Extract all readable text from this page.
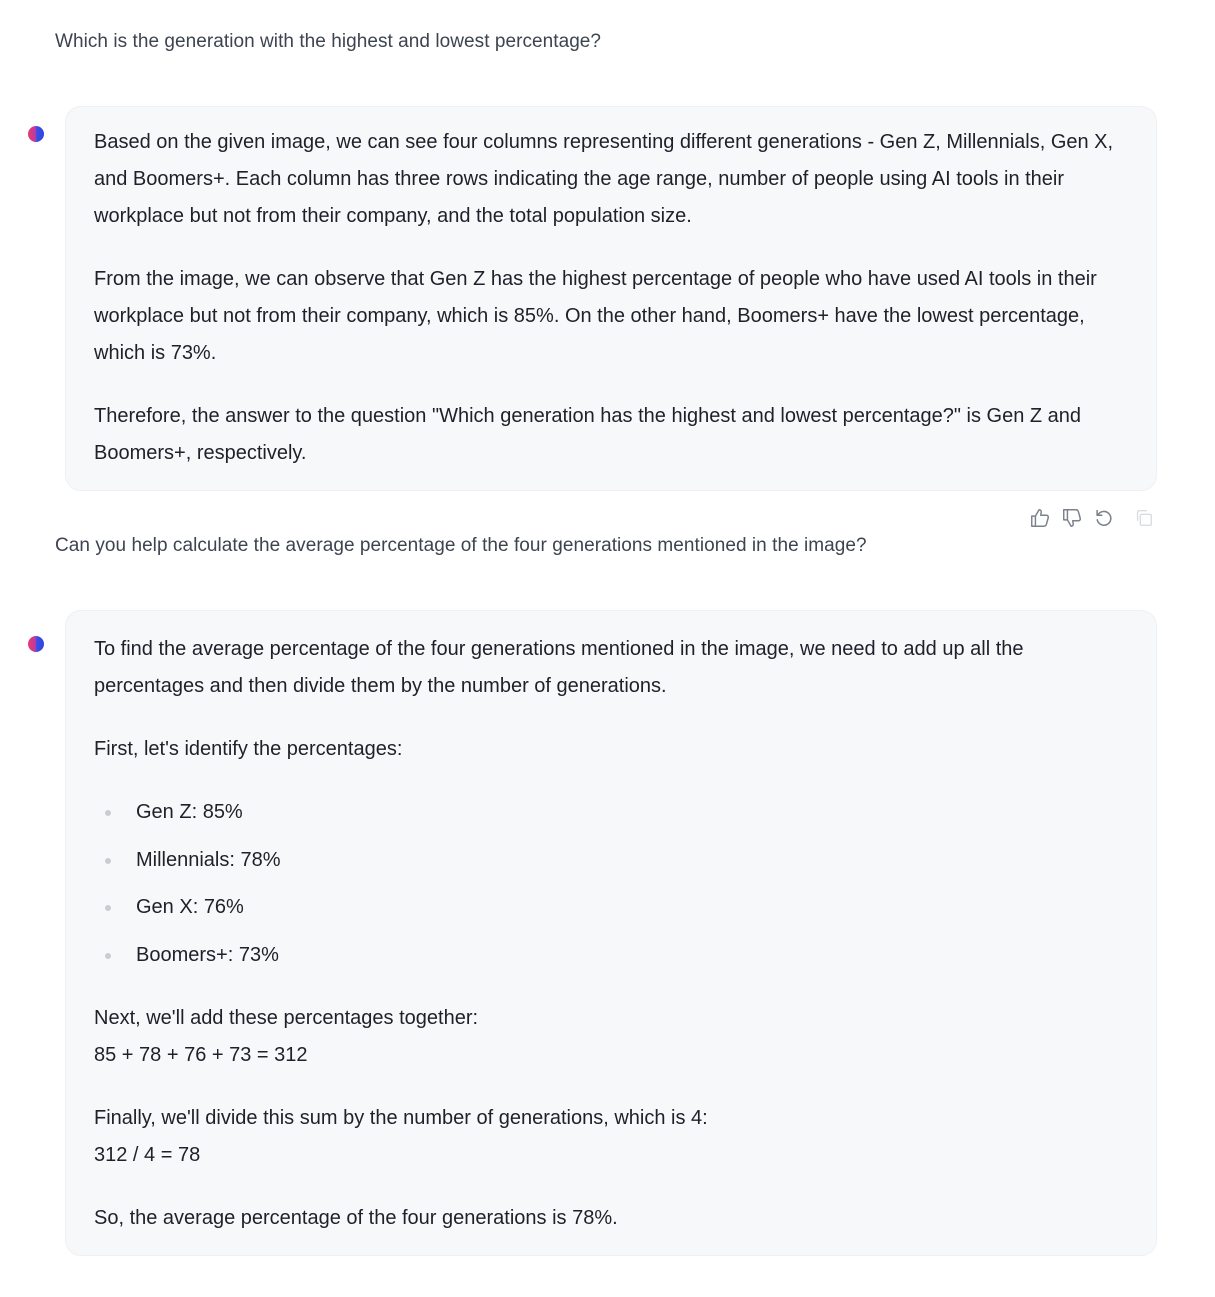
Which is the generation with the highest and lowest percentage?

Based on the given image, we can see four columns representing different generations - Gen Z, Millennials, Gen X, and Boomers+. Each column has three rows indicating the age range, number of people using AI tools in their workplace but not from their company, and the total population size.

From the image, we can observe that Gen Z has the highest percentage of people who have used AI tools in their workplace but not from their company, which is 85%. On the other hand, Boomers+ have the lowest percentage, which is 73%.

Therefore, the answer to the question "Which generation has the highest and lowest percentage?" is Gen Z and Boomers+, respectively.

Can you help calculate the average percentage of the four generations mentioned in the image?

To find the average percentage of the four generations mentioned in the image, we need to add up all the percentages and then divide them by the number of generations.

First, let's identify the percentages:

Gen Z: 85%
Millennials: 78%
Gen X: 76%
Boomers+: 73%

Next, we'll add these percentages together:

85 + 78 + 76 + 73 = 312

Finally, we'll divide this sum by the number of generations, which is 4:

312 / 4 = 78

So, the average percentage of the four generations is 78%.
